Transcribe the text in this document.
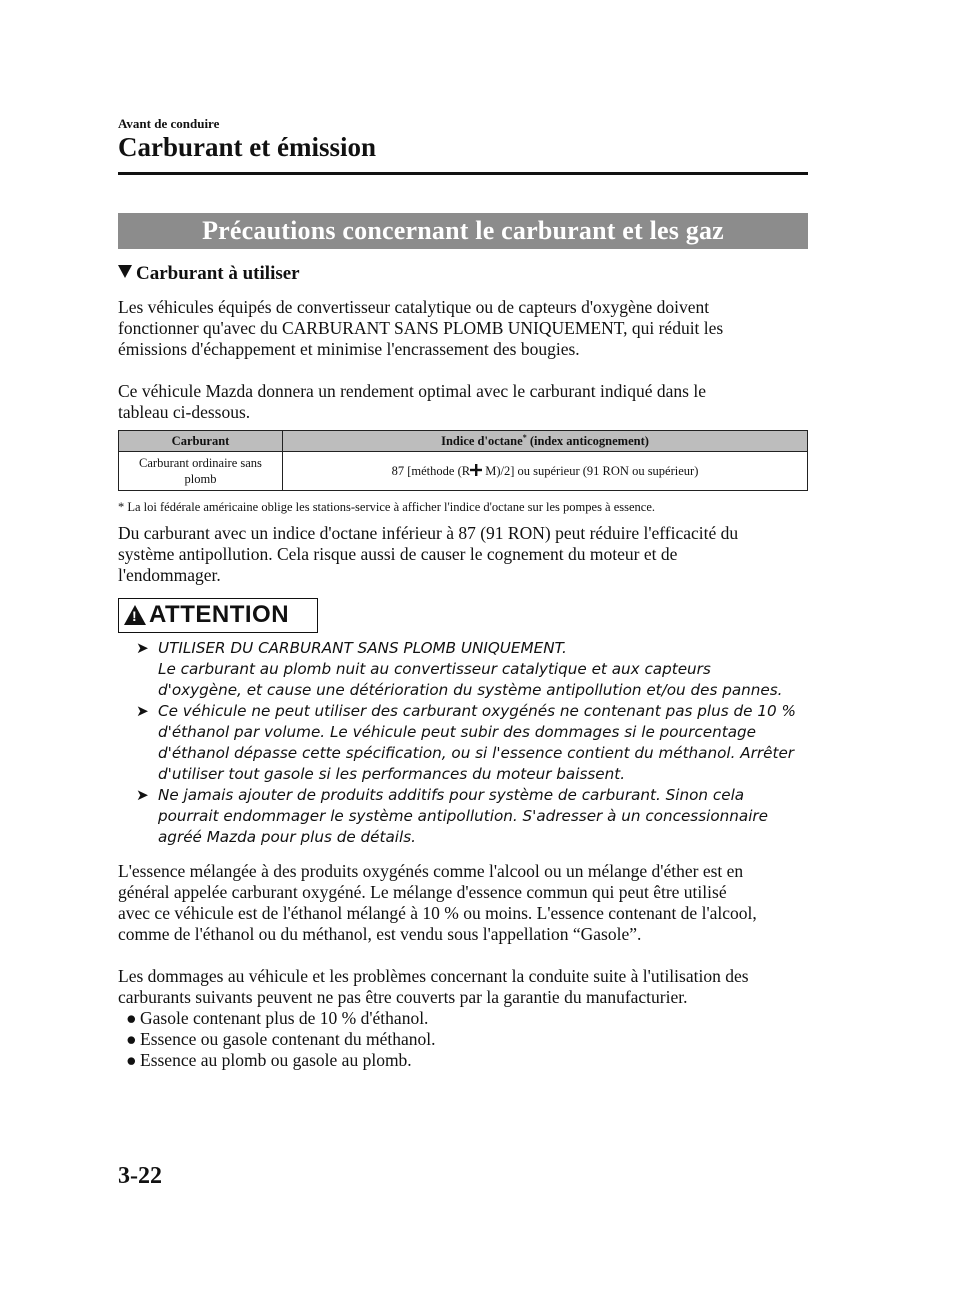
Avant de conduire
Carburant et émission
Précautions concernant le carburant et les gaz d'échappement
Carburant à utiliser
Les véhicules équipés de convertisseur catalytique ou de capteurs d'oxygène doivent
fonctionner qu'avec du CARBURANT SANS PLOMB UNIQUEMENT, qui réduit les
émissions d'échappement et minimise l'encrassement des bougies.
Ce véhicule Mazda donnera un rendement optimal avec le carburant indiqué dans le
tableau ci-dessous.
Carburant	Indice d'octane* (index anticognement)

Carburant ordinaire sans
plomb	87 [méthode (R M)/2] ou supérieur (91 RON ou supérieur)
* La loi fédérale américaine oblige les stations-service à afficher l'indice d'octane sur les pompes à essence.
Du carburant avec un indice d'octane inférieur à 87 (91 RON) peut réduire l'efficacité du
système antipollution. Cela risque aussi de causer le cognement du moteur et de
l'endommager.
!
ATTENTION
➤ UTILISER DU CARBURANT SANS PLOMB UNIQUEMENT.
Le carburant au plomb nuit au convertisseur catalytique et aux capteurs
d'oxygène, et cause une détérioration du système antipollution et/ou des pannes.
➤ Ce véhicule ne peut utiliser des carburant oxygénés ne contenant pas plus de 10 %
d'éthanol par volume. Le véhicule peut subir des dommages si le pourcentage
d'éthanol dépasse cette spécification, ou si l'essence contient du méthanol. Arrêter
d'utiliser tout gasole si les performances du moteur baissent.
➤ Ne jamais ajouter de produits additifs pour système de carburant. Sinon cela
pourrait endommager le système antipollution. S'adresser à un concessionnaire
agréé Mazda pour plus de détails.
L'essence mélangée à des produits oxygénés comme l'alcool ou un mélange d'éther est en
général appelée carburant oxygéné. Le mélange d'essence commun qui peut être utilisé
avec ce véhicule est de l'éthanol mélangé à 10 % ou moins. L'essence contenant de l'alcool,
comme de l'éthanol ou du méthanol, est vendu sous l'appellation “Gasole”.
Les dommages au véhicule et les problèmes concernant la conduite suite à l'utilisation des
carburants suivants peuvent ne pas être couverts par la garantie du manufacturier.
● Gasole contenant plus de 10 % d'éthanol.
● Essence ou gasole contenant du méthanol.
● Essence au plomb ou gasole au plomb.
3-22
